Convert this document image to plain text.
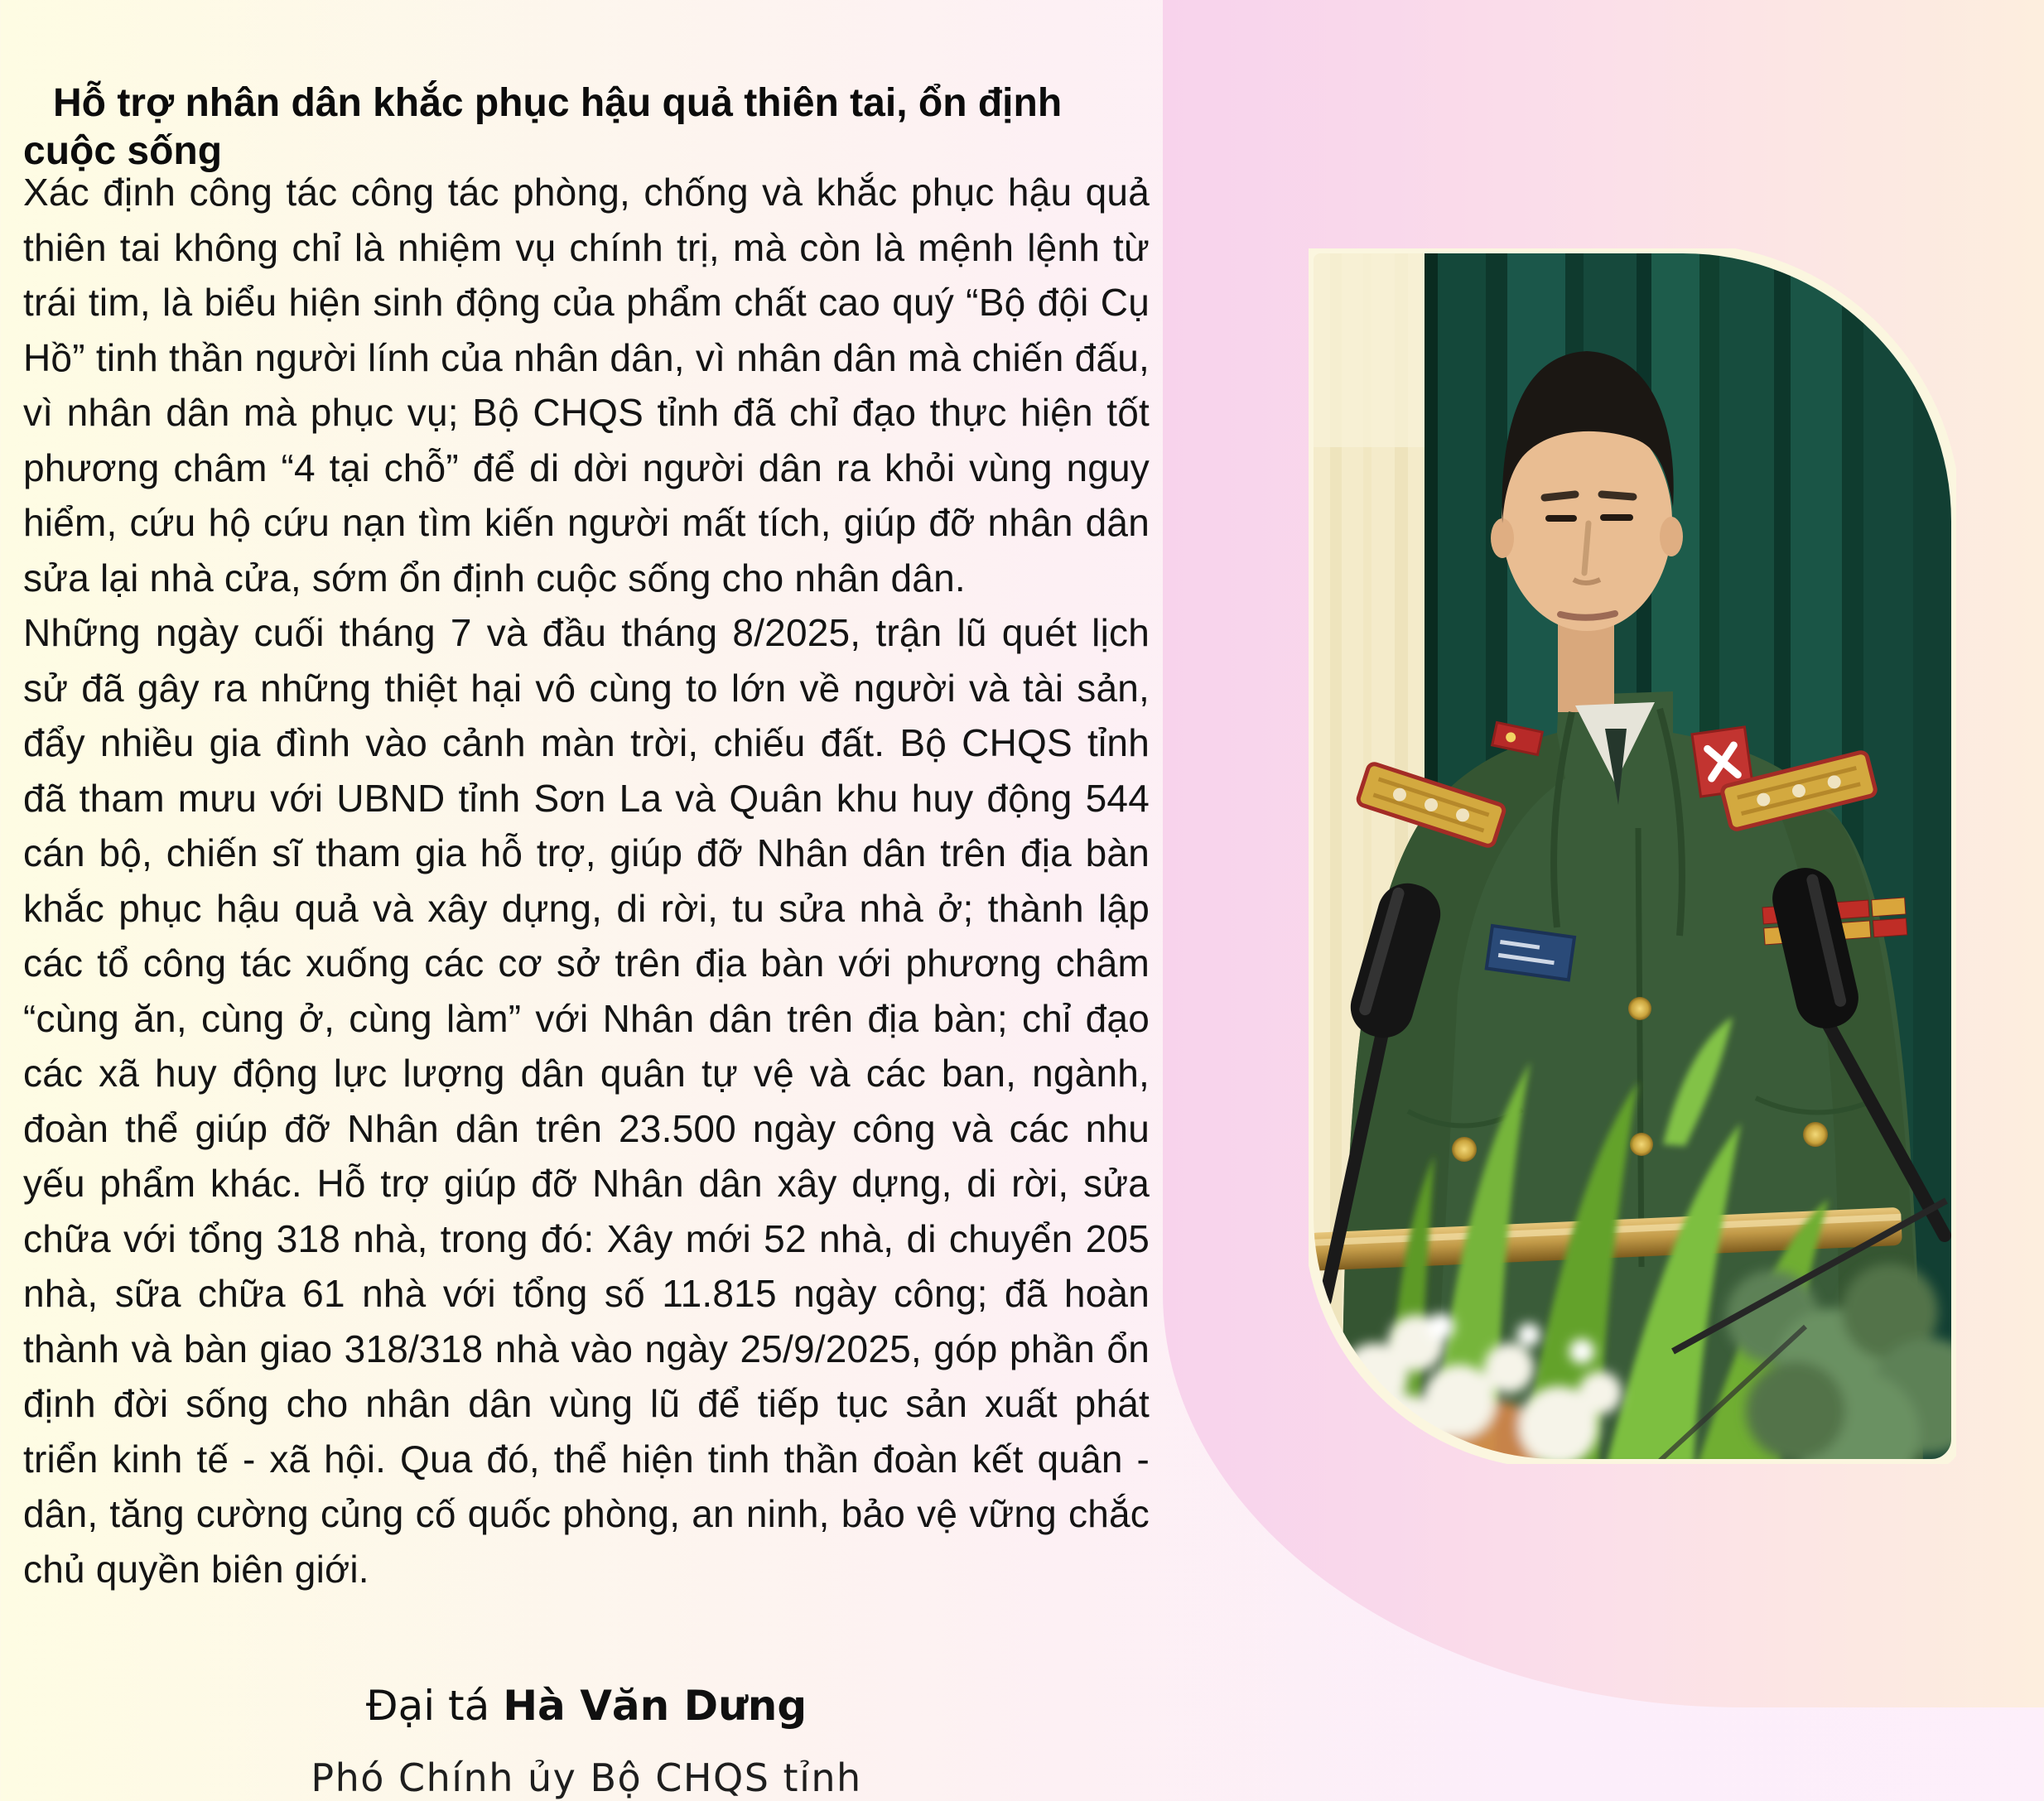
Hỗ trợ nhân dân khắc phục hậu quả thiên tai, ổn định cuộc sống

Xác định công tác công tác phòng, chống và khắc phục hậu quả thiên tai không chỉ là nhiệm vụ chính trị, mà còn là mệnh lệnh từ trái tim, là biểu hiện sinh động của phẩm chất cao quý “Bộ đội Cụ Hồ” tinh thần người lính của nhân dân, vì nhân dân mà chiến đấu, vì nhân dân mà phục vụ; Bộ CHQS tỉnh đã chỉ đạo thực hiện tốt phương châm “4 tại chỗ” để di dời người dân ra khỏi vùng nguy hiểm, cứu hộ cứu nạn tìm kiến người mất tích, giúp đỡ nhân dân sửa lại nhà cửa, sớm ổn định cuộc sống cho nhân dân.

Những ngày cuối tháng 7 và đầu tháng 8/2025, trận lũ quét lịch sử đã gây ra những thiệt hại vô cùng to lớn về người và tài sản, đẩy nhiều gia đình vào cảnh màn trời, chiếu đất. Bộ CHQS tỉnh đã tham mưu với UBND tỉnh Sơn La và Quân khu huy động 544 cán bộ, chiến sĩ tham gia hỗ trợ, giúp đỡ Nhân dân trên địa bàn khắc phục hậu quả và xây dựng, di rời, tu sửa nhà ở; thành lập các tổ công tác xuống các cơ sở trên địa bàn với phương châm “cùng ăn, cùng ở, cùng làm” với Nhân dân trên địa bàn; chỉ đạo các xã huy động lực lượng dân quân tự vệ và các ban, ngành, đoàn thể giúp đỡ Nhân dân trên 23.500 ngày công và các nhu yếu phẩm khác. Hỗ trợ giúp đỡ Nhân dân xây dựng, di rời, sửa chữa với tổng 318 nhà, trong đó: Xây mới 52 nhà, di chuyển 205 nhà, sữa chữa 61 nhà với tổng số 11.815 ngày công; đã hoàn thành và bàn giao 318/318 nhà vào ngày 25/9/2025, góp phần ổn định đời sống cho nhân dân vùng lũ để tiếp tục sản xuất phát triển kinh tế - xã hội. Qua đó, thể hiện tinh thần đoàn kết quân - dân, tăng cường củng cố quốc phòng, an ninh, bảo vệ vững chắc chủ quyền biên giới.

Đại tá Hà Văn Dưng
Phó Chính ủy Bộ CHQS tỉnh
